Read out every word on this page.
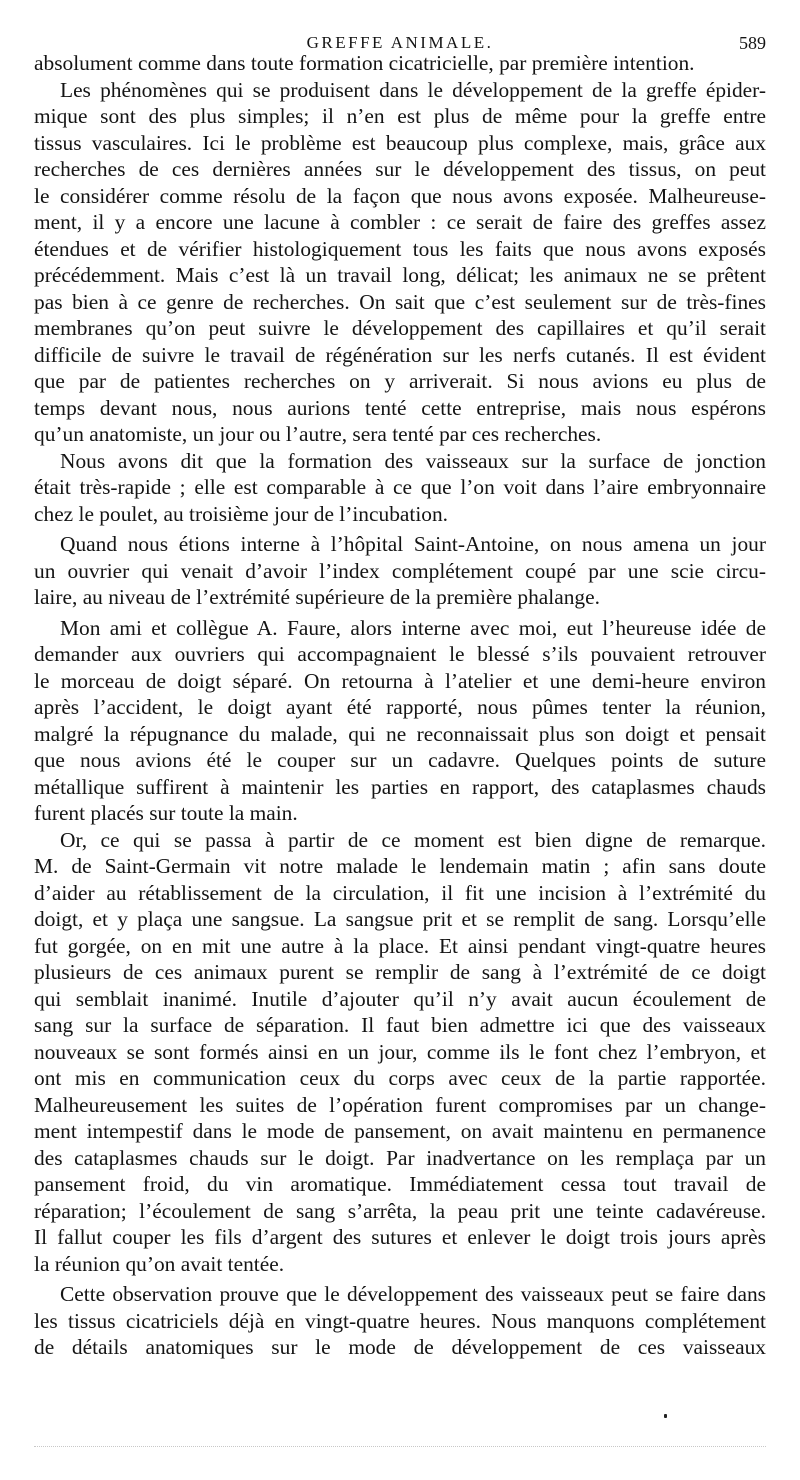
GREFFE ANIMALE.	589
absolument comme dans toute formation cicatricielle, par première intention.
Les phénomènes qui se produisent dans le développement de la greffe épider-
mique sont des plus simples; il n’en est plus de même pour la greffe entre
tissus vasculaires. Ici le problème est beaucoup plus complexe, mais, grâce aux
recherches de ces dernières années sur le développement des tissus, on peut
le considérer comme résolu de la façon que nous avons exposée. Malheureuse-
ment, il y a encore une lacune à combler : ce serait de faire des greffes assez
étendues et de vérifier histologiquement tous les faits que nous avons exposés
précédemment. Mais c’est là un travail long, délicat; les animaux ne se prêtent
pas bien à ce genre de recherches. On sait que c’est seulement sur de très-fines
membranes qu’on peut suivre le développement des capillaires et qu’il serait
difficile de suivre le travail de régénération sur les nerfs cutanés. Il est évident
que par de patientes recherches on y arriverait. Si nous avions eu plus de
temps devant nous, nous aurions tenté cette entreprise, mais nous espérons
qu’un anatomiste, un jour ou l’autre, sera tenté par ces recherches.
Nous avons dit que la formation des vaisseaux sur la surface de jonction
était très-rapide ; elle est comparable à ce que l’on voit dans l’aire embryonnaire
chez le poulet, au troisième jour de l’incubation.
Quand nous étions interne à l’hôpital Saint-Antoine, on nous amena un jour
un ouvrier qui venait d’avoir l’index complétement coupé par une scie circu-
laire, au niveau de l’extrémité supérieure de la première phalange.
Mon ami et collègue A. Faure, alors interne avec moi, eut l’heureuse idée de
demander aux ouvriers qui accompagnaient le blessé s’ils pouvaient retrouver
le morceau de doigt séparé. On retourna à l’atelier et une demi-heure environ
après l’accident, le doigt ayant été rapporté, nous pûmes tenter la réunion,
malgré la répugnance du malade, qui ne reconnaissait plus son doigt et pensait
que nous avions été le couper sur un cadavre. Quelques points de suture
métallique suffirent à maintenir les parties en rapport, des cataplasmes chauds
furent placés sur toute la main.
Or, ce qui se passa à partir de ce moment est bien digne de remarque.
M. de Saint-Germain vit notre malade le lendemain matin ; afin sans doute
d’aider au rétablissement de la circulation, il fit une incision à l’extrémité du
doigt, et y plaça une sangsue. La sangsue prit et se remplit de sang. Lorsqu’elle
fut gorgée, on en mit une autre à la place. Et ainsi pendant vingt-quatre heures
plusieurs de ces animaux purent se remplir de sang à l’extrémité de ce doigt
qui semblait inanimé. Inutile d’ajouter qu’il n’y avait aucun écoulement de
sang sur la surface de séparation. Il faut bien admettre ici que des vaisseaux
nouveaux se sont formés ainsi en un jour, comme ils le font chez l’embryon, et
ont mis en communication ceux du corps avec ceux de la partie rapportée.
Malheureusement les suites de l’opération furent compromises par un change-
ment intempestif dans le mode de pansement, on avait maintenu en permanence
des cataplasmes chauds sur le doigt. Par inadvertance on les remplaça par un
pansement froid, du vin aromatique. Immédiatement cessa tout travail de
réparation; l’écoulement de sang s’arrêta, la peau prit une teinte cadavéreuse.
Il fallut couper les fils d’argent des sutures et enlever le doigt trois jours après
la réunion qu’on avait tentée.
Cette observation prouve que le développement des vaisseaux peut se faire dans
les tissus cicatriciels déjà en vingt-quatre heures. Nous manquons complétement
de détails anatomiques sur le mode de développement de ces vaisseaux
